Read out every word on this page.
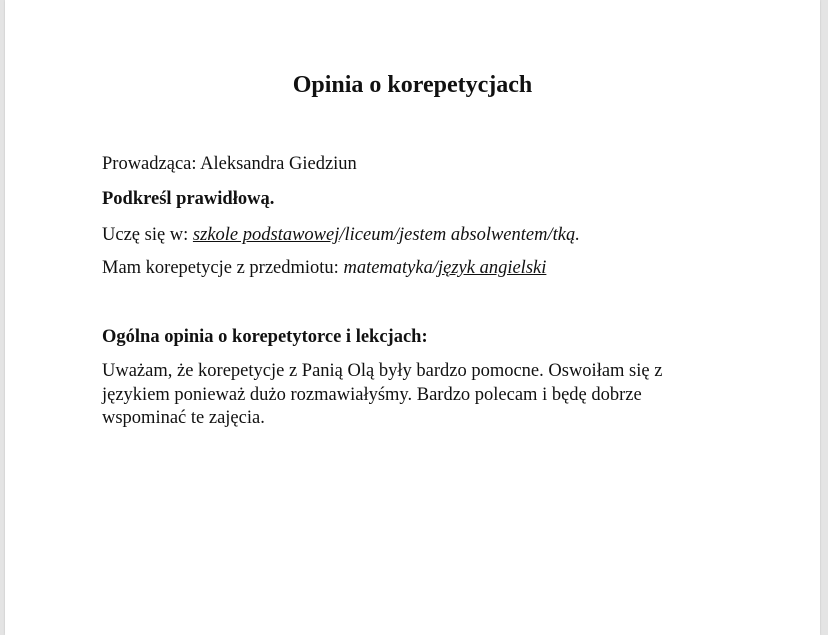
Opinia o korepetycjach

Prowadząca: Aleksandra Giedziun

Podkreśl prawidłową.

Uczę się w: szkole podstawowej/liceum/jestem absolwentem/tką.

Mam korepetycje z przedmiotu: matematyka/język angielski

Ogólna opinia o korepetytorce i lekcjach:

Uważam, że korepetycje z Panią Olą były bardzo pomocne. Oswoiłam się z
językiem ponieważ dużo rozmawiałyśmy. Bardzo polecam i będę dobrze
wspominać te zajęcia.
